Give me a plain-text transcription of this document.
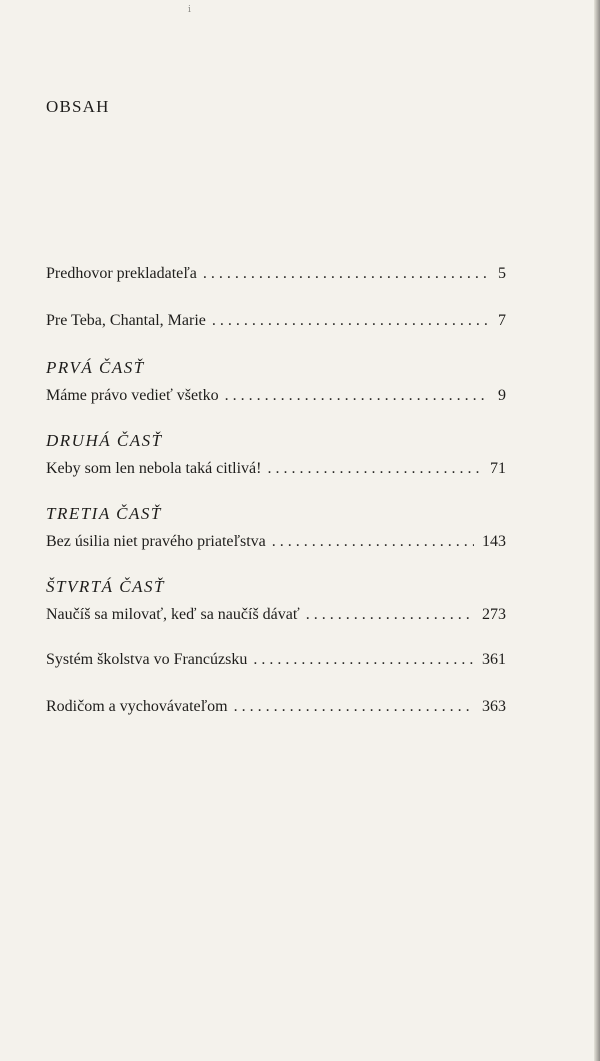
ⅰ
OBSAH
Predhovor prekladateľa . . .	5
Pre Teba, Chantal, Marie . . .	7
PRVÁ ČASŤ
Máme právo vedieť všetko . . .	9
DRUHÁ ČASŤ
Keby som len nebola taká citlivá! . . .	71
TRETIA ČASŤ
Bez úsilia niet pravého priateľstva . . .	143
ŠTVRTÁ ČASŤ
Naučíš sa milovať, keď sa naučíš dávať . . .	273
Systém školstva vo Francúzsku . . .	361
Rodičom a vychovávateľom . . .	363
